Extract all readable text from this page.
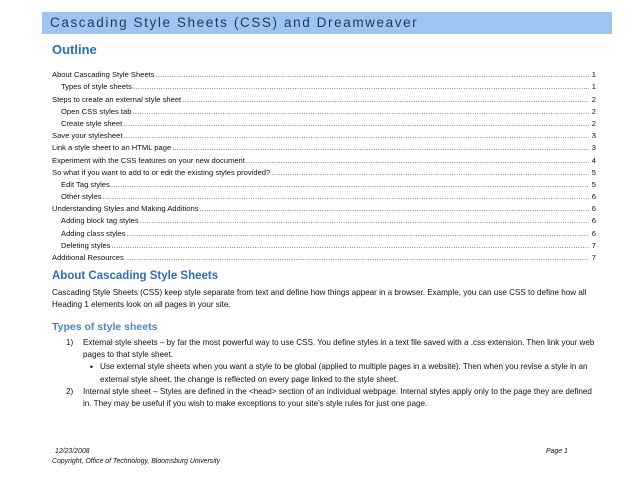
Cascading Style Sheets (CSS) and Dreamweaver
Outline
About Cascading Style Sheets .....	1
Types of style sheets .....	1
Steps to create an external style sheet .....	2
Open CSS styles tab .....	2
Create style sheet .....	2
Save your stylesheet .....	3
Link a style sheet to an HTML page .....	3
Experiment with the CSS features on your new document .....	4
So what if you want to add to or edit the existing styles provided? .....	5
Edit Tag styles .....	5
Other styles .....	6
Understanding Styles and Making Additions .....	6
Adding block tag styles .....	6
Adding class styles .....	6
Deleting styles .....	7
Additional Resources .....	7
About Cascading Style Sheets
Cascading Style Sheets (CSS) keep style separate from text and define how things appear in a browser. Example, you can use CSS to define how all Heading 1 elements look on all pages in your site.
Types of style sheets
1)	External style sheets – by far the most powerful way to use CSS. You define styles in a text file saved with a .css extension. Then link your web pages to that style sheet.
• Use external style sheets when you want a style to be global (applied to multiple pages in a website). Then when you revise a style in an external style sheet, the change is reflected on every page linked to the style sheet.
2)	Internal style sheet – Styles are defined in the <head> section of an individual webpage. Internal styles apply only to the page they are defined in. They may be useful if you wish to make exceptions to your site's style rules for just one page.
12/23/2008
Copyright, Office of Technology, Bloomsburg University
Page 1
